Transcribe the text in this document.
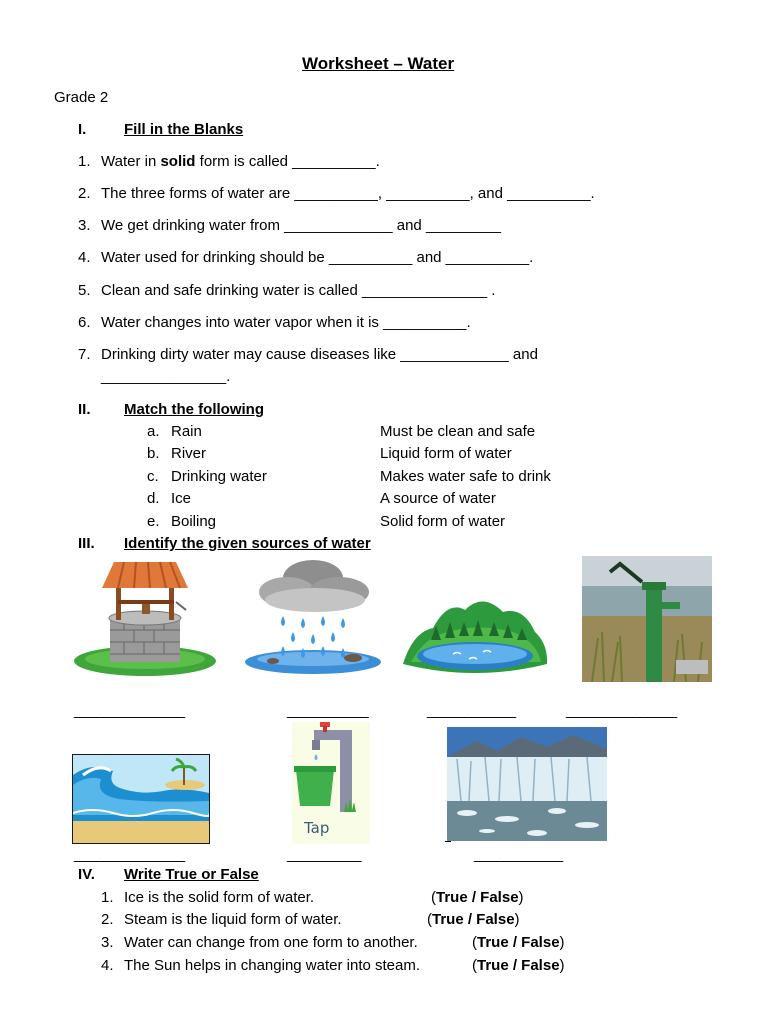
Worksheet – Water
Grade 2
I.	Fill in the Blanks
1. Water in solid form is called __________.
2. The three forms of water are __________, __________, and __________.
3. We get drinking water from _____________ and _________
4. Water used for drinking should be __________ and __________.
5. Clean and safe drinking water is called _______________ .
6. Water changes into water vapor when it is __________.
7. Drinking dirty water may cause diseases like _____________ and
_______________.
II. Match the following
a. Rain	Must be clean and safe
b. River	Liquid form of water
c. Drinking water	Makes water safe to drink
d. Ice	A source of water
e. Boiling	Solid form of water
III. Identify the given sources of water
_______________	___________	____________	_______________
Tap
_______________	__________	____________
IV. Write True or False
1. Ice is the solid form of water.	(True / False)
2. Steam is the liquid form of water.	(True / False)
3. Water can change from one form to another.	(True / False)
4. The Sun helps in changing water into steam.	(True / False)
